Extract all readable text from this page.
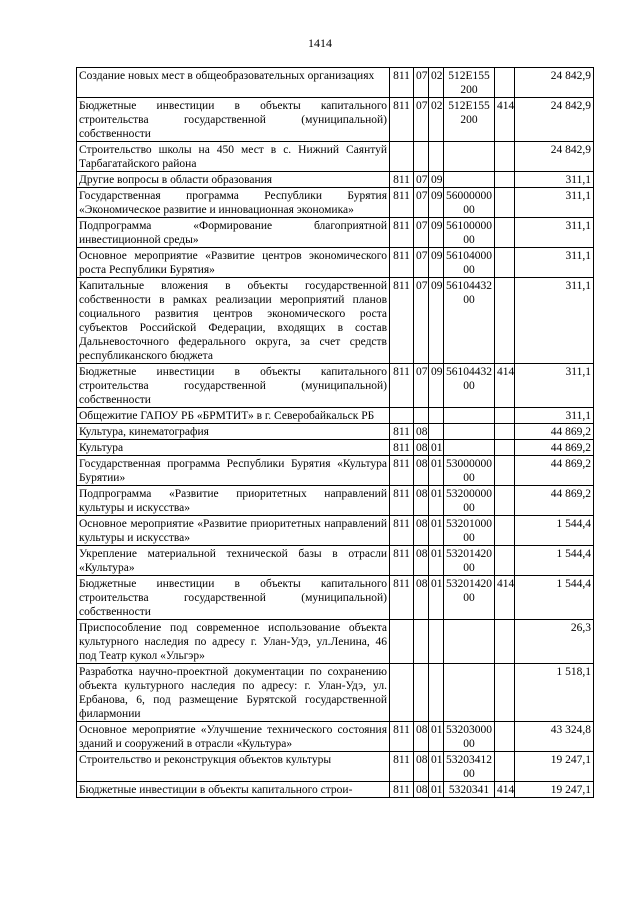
1414
Создание новых мест в общеобразовательных организациях	811	07	02	512E155200		24 842,9
Бюджетные инвестиции в объекты капитального строительства государственной (муниципальной) собственности	811	07	02	512E155200	414	24 842,9
Строительство школы на 450 мест в с. Нижний Саянтуй Тарбагатайского района						24 842,9
Другие вопросы в области образования	811	07	09			311,1
Государственная программа Республики Бурятия «Экономическое развитие и инновационная экономика»	811	07	09	5600000000		311,1
Подпрограмма «Формирование благоприятной инвестиционной среды»	811	07	09	5610000000		311,1
Основное мероприятие «Развитие центров экономического роста Республики Бурятия»	811	07	09	5610400000		311,1
Капитальные вложения в объекты государственной собственности в рамках реализации мероприятий планов социального развития центров экономического роста субъектов Российской Федерации, входящих в состав Дальневосточного федерального округа, за счет средств республиканского бюджета	811	07	09	5610443200		311,1
Бюджетные инвестиции в объекты капитального строительства государственной (муниципальной) собственности	811	07	09	5610443200	414	311,1
Общежитие ГАПОУ РБ «БРМТИТ» в г. Северобайкальск РБ						311,1
Культура, кинематография	811	08				44 869,2
Культура	811	08	01			44 869,2
Государственная программа Республики Бурятия «Культура Бурятии»	811	08	01	5300000000		44 869,2
Подпрограмма «Развитие приоритетных направлений культуры и искусства»	811	08	01	5320000000		44 869,2
Основное мероприятие «Развитие приоритетных направлений культуры и искусства»	811	08	01	5320100000		1 544,4
Укрепление материальной технической базы в отрасли «Культура»	811	08	01	5320142000		1 544,4
Бюджетные инвестиции в объекты капитального строительства государственной (муниципальной) собственности	811	08	01	5320142000	414	1 544,4
Приспособление под современное использование объекта культурного наследия по адресу г. Улан-Удэ, ул.Ленина, 46 под Театр кукол «Ульгэр»						26,3
Разработка научно-проектной документации по сохранению объекта культурного наследия по адресу: г. Улан-Удэ, ул. Ербанова, 6, под размещение Бурятской государственной филармонии						1 518,1
Основное мероприятие «Улучшение технического состояния зданий и сооружений в отрасли «Культура»	811	08	01	5320300000		43 324,8
Строительство и реконструкция объектов культуры	811	08	01	5320341200		19 247,1
Бюджетные инвестиции в объекты капитального строи-	811	08	01	5320341	414	19 247,1
